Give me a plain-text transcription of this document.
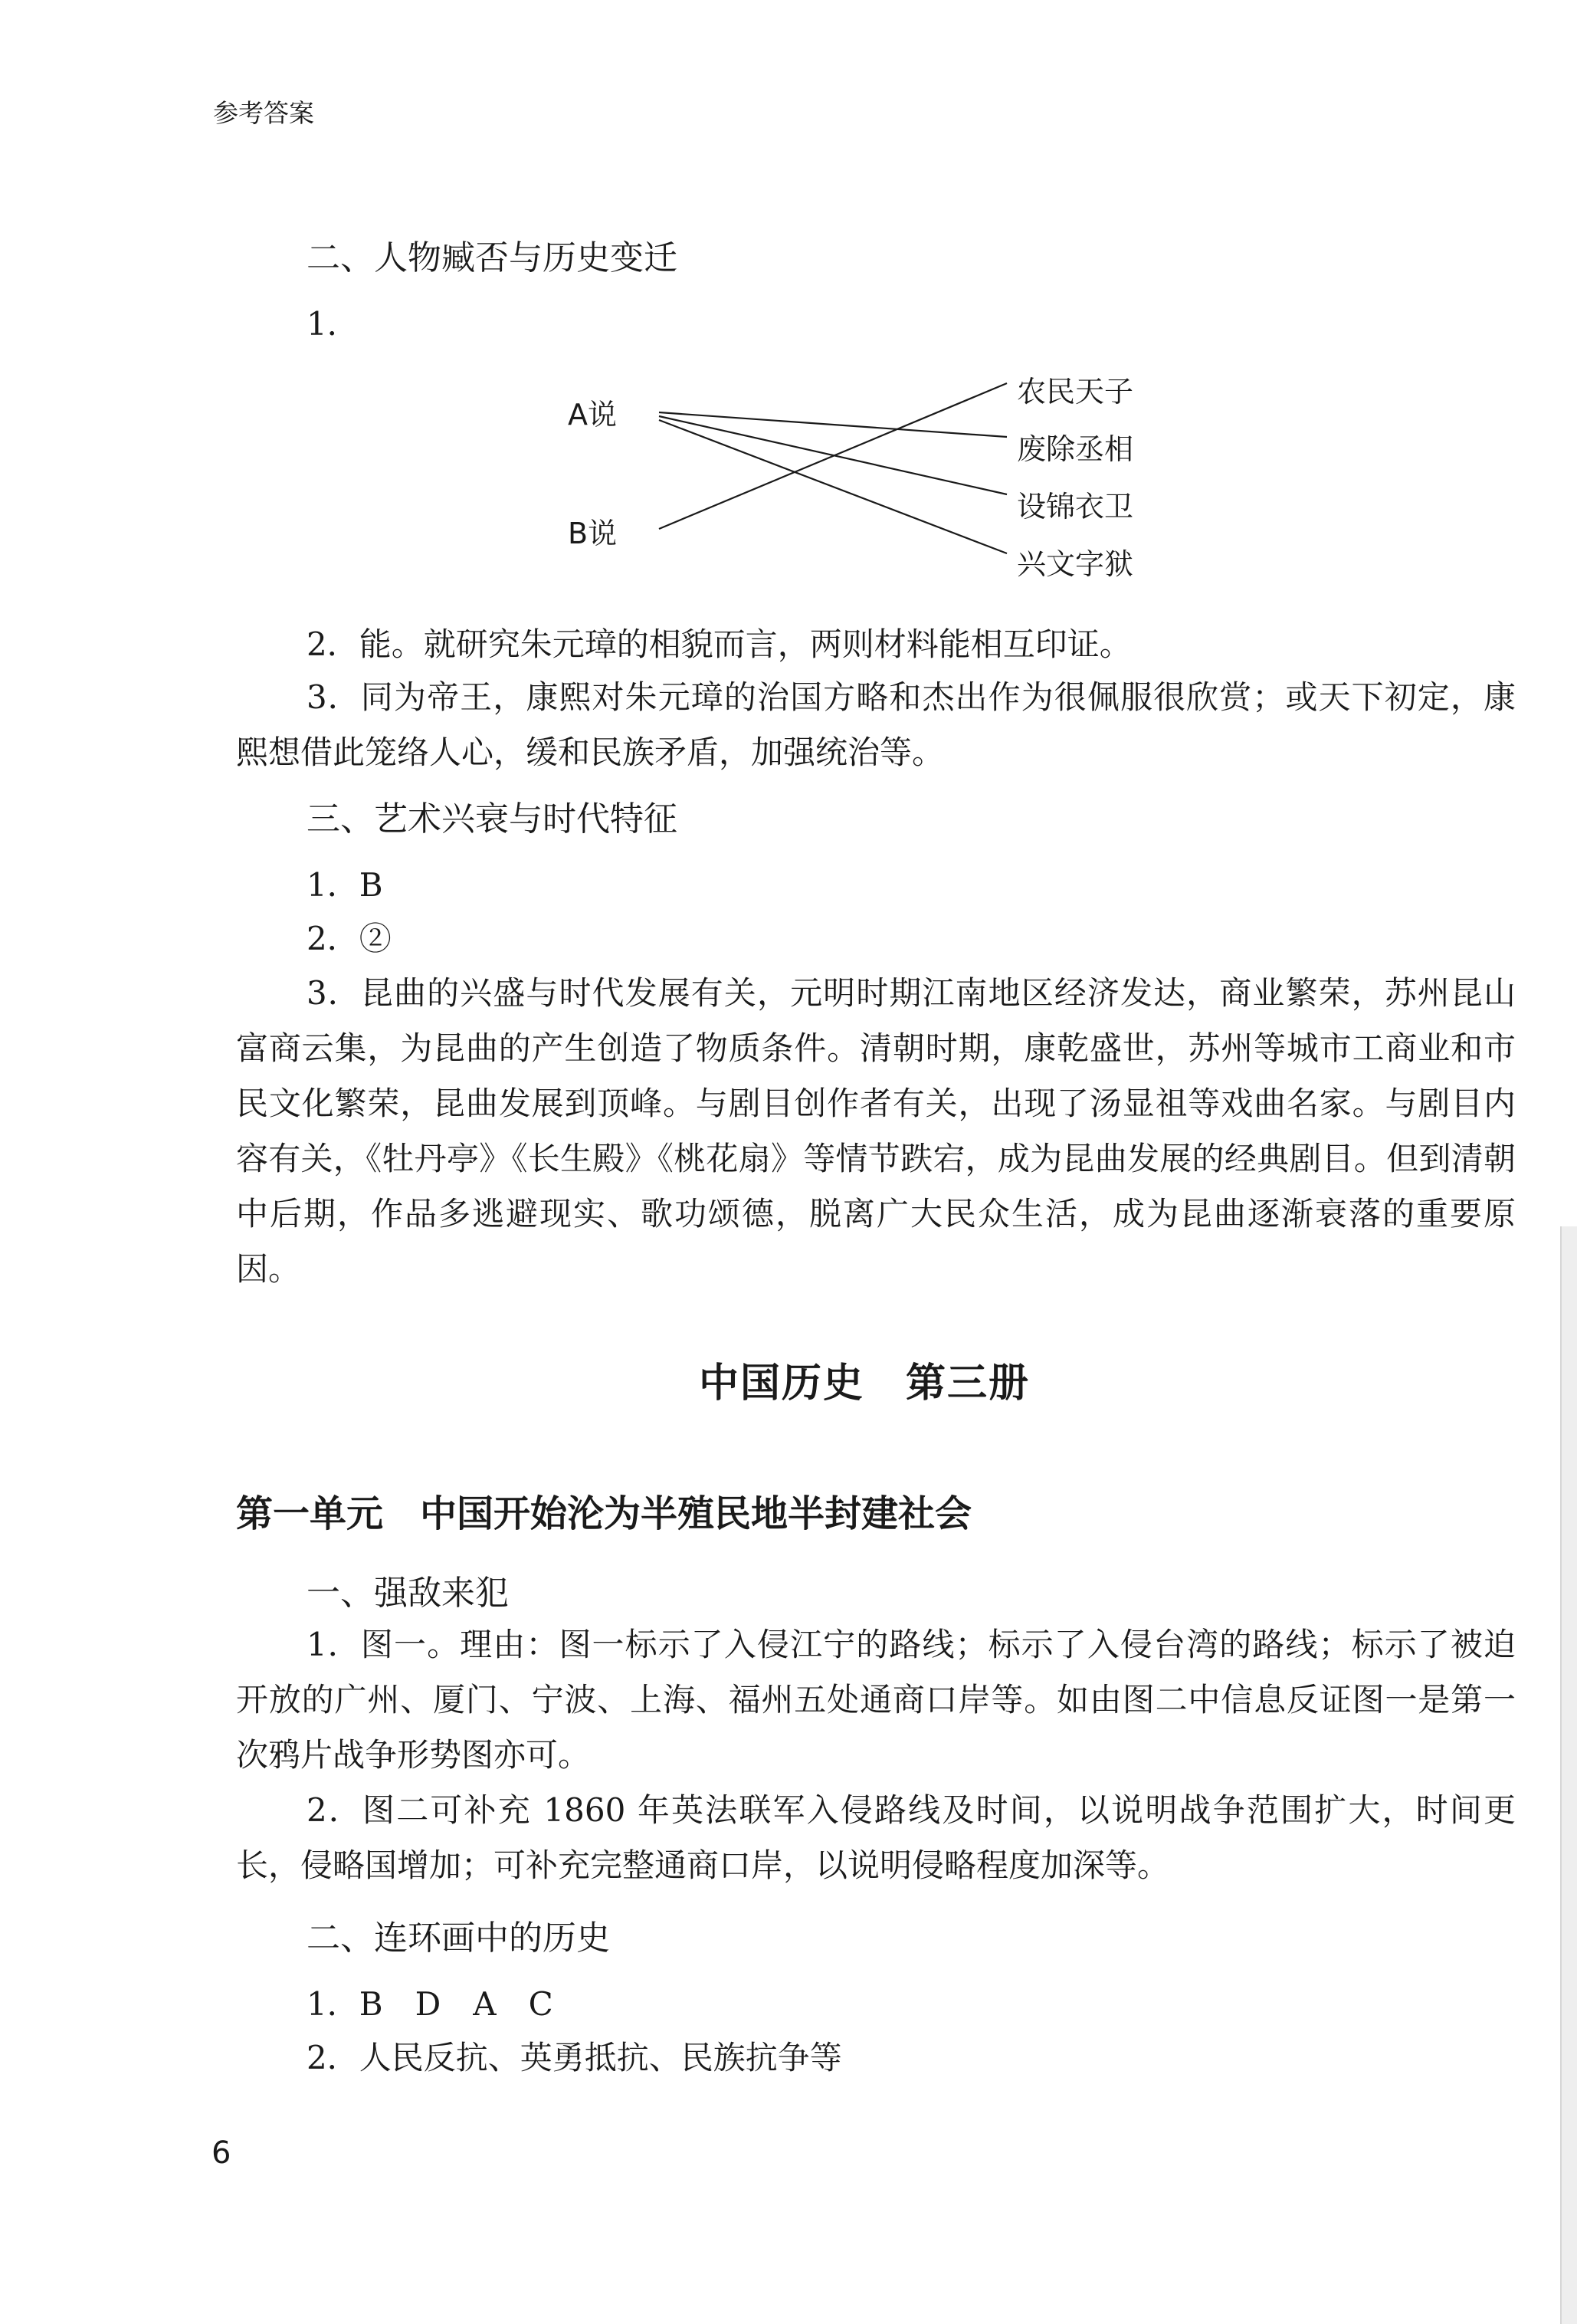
参考答案
二、人物臧否与历史变迁
1．
A说
B说
农民天子
废除丞相
设锦衣卫
兴文字狱
2．能。就研究朱元璋的相貌而言，两则材料能相互印证。
3．同为帝王，康熙对朱元璋的治国方略和杰出作为很佩服很欣赏；或天下初定，康熙想借此笼络人心，缓和民族矛盾，加强统治等。
三、艺术兴衰与时代特征
1．B
2．②
3．昆曲的兴盛与时代发展有关，元明时期江南地区经济发达，商业繁荣，苏州昆山富商云集，为昆曲的产生创造了物质条件。清朝时期，康乾盛世，苏州等城市工商业和市民文化繁荣，昆曲发展到顶峰。与剧目创作者有关，出现了汤显祖等戏曲名家。与剧目内容有关，《牡丹亭》《长生殿》《桃花扇》等情节跌宕，成为昆曲发展的经典剧目。但到清朝中后期，作品多逃避现实、歌功颂德，脱离广大民众生活，成为昆曲逐渐衰落的重要原因。
中国历史　第三册
第一单元　中国开始沦为半殖民地半封建社会
一、强敌来犯
1．图一。理由：图一标示了入侵江宁的路线；标示了入侵台湾的路线；标示了被迫开放的广州、厦门、宁波、上海、福州五处通商口岸等。如由图二中信息反证图一是第一次鸦片战争形势图亦可。
2．图二可补充 1860 年英法联军入侵路线及时间，以说明战争范围扩大，时间更长，侵略国增加；可补充完整通商口岸，以说明侵略程度加深等。
二、连环画中的历史
1．B　D　A　C
2．人民反抗、英勇抵抗、民族抗争等
6
